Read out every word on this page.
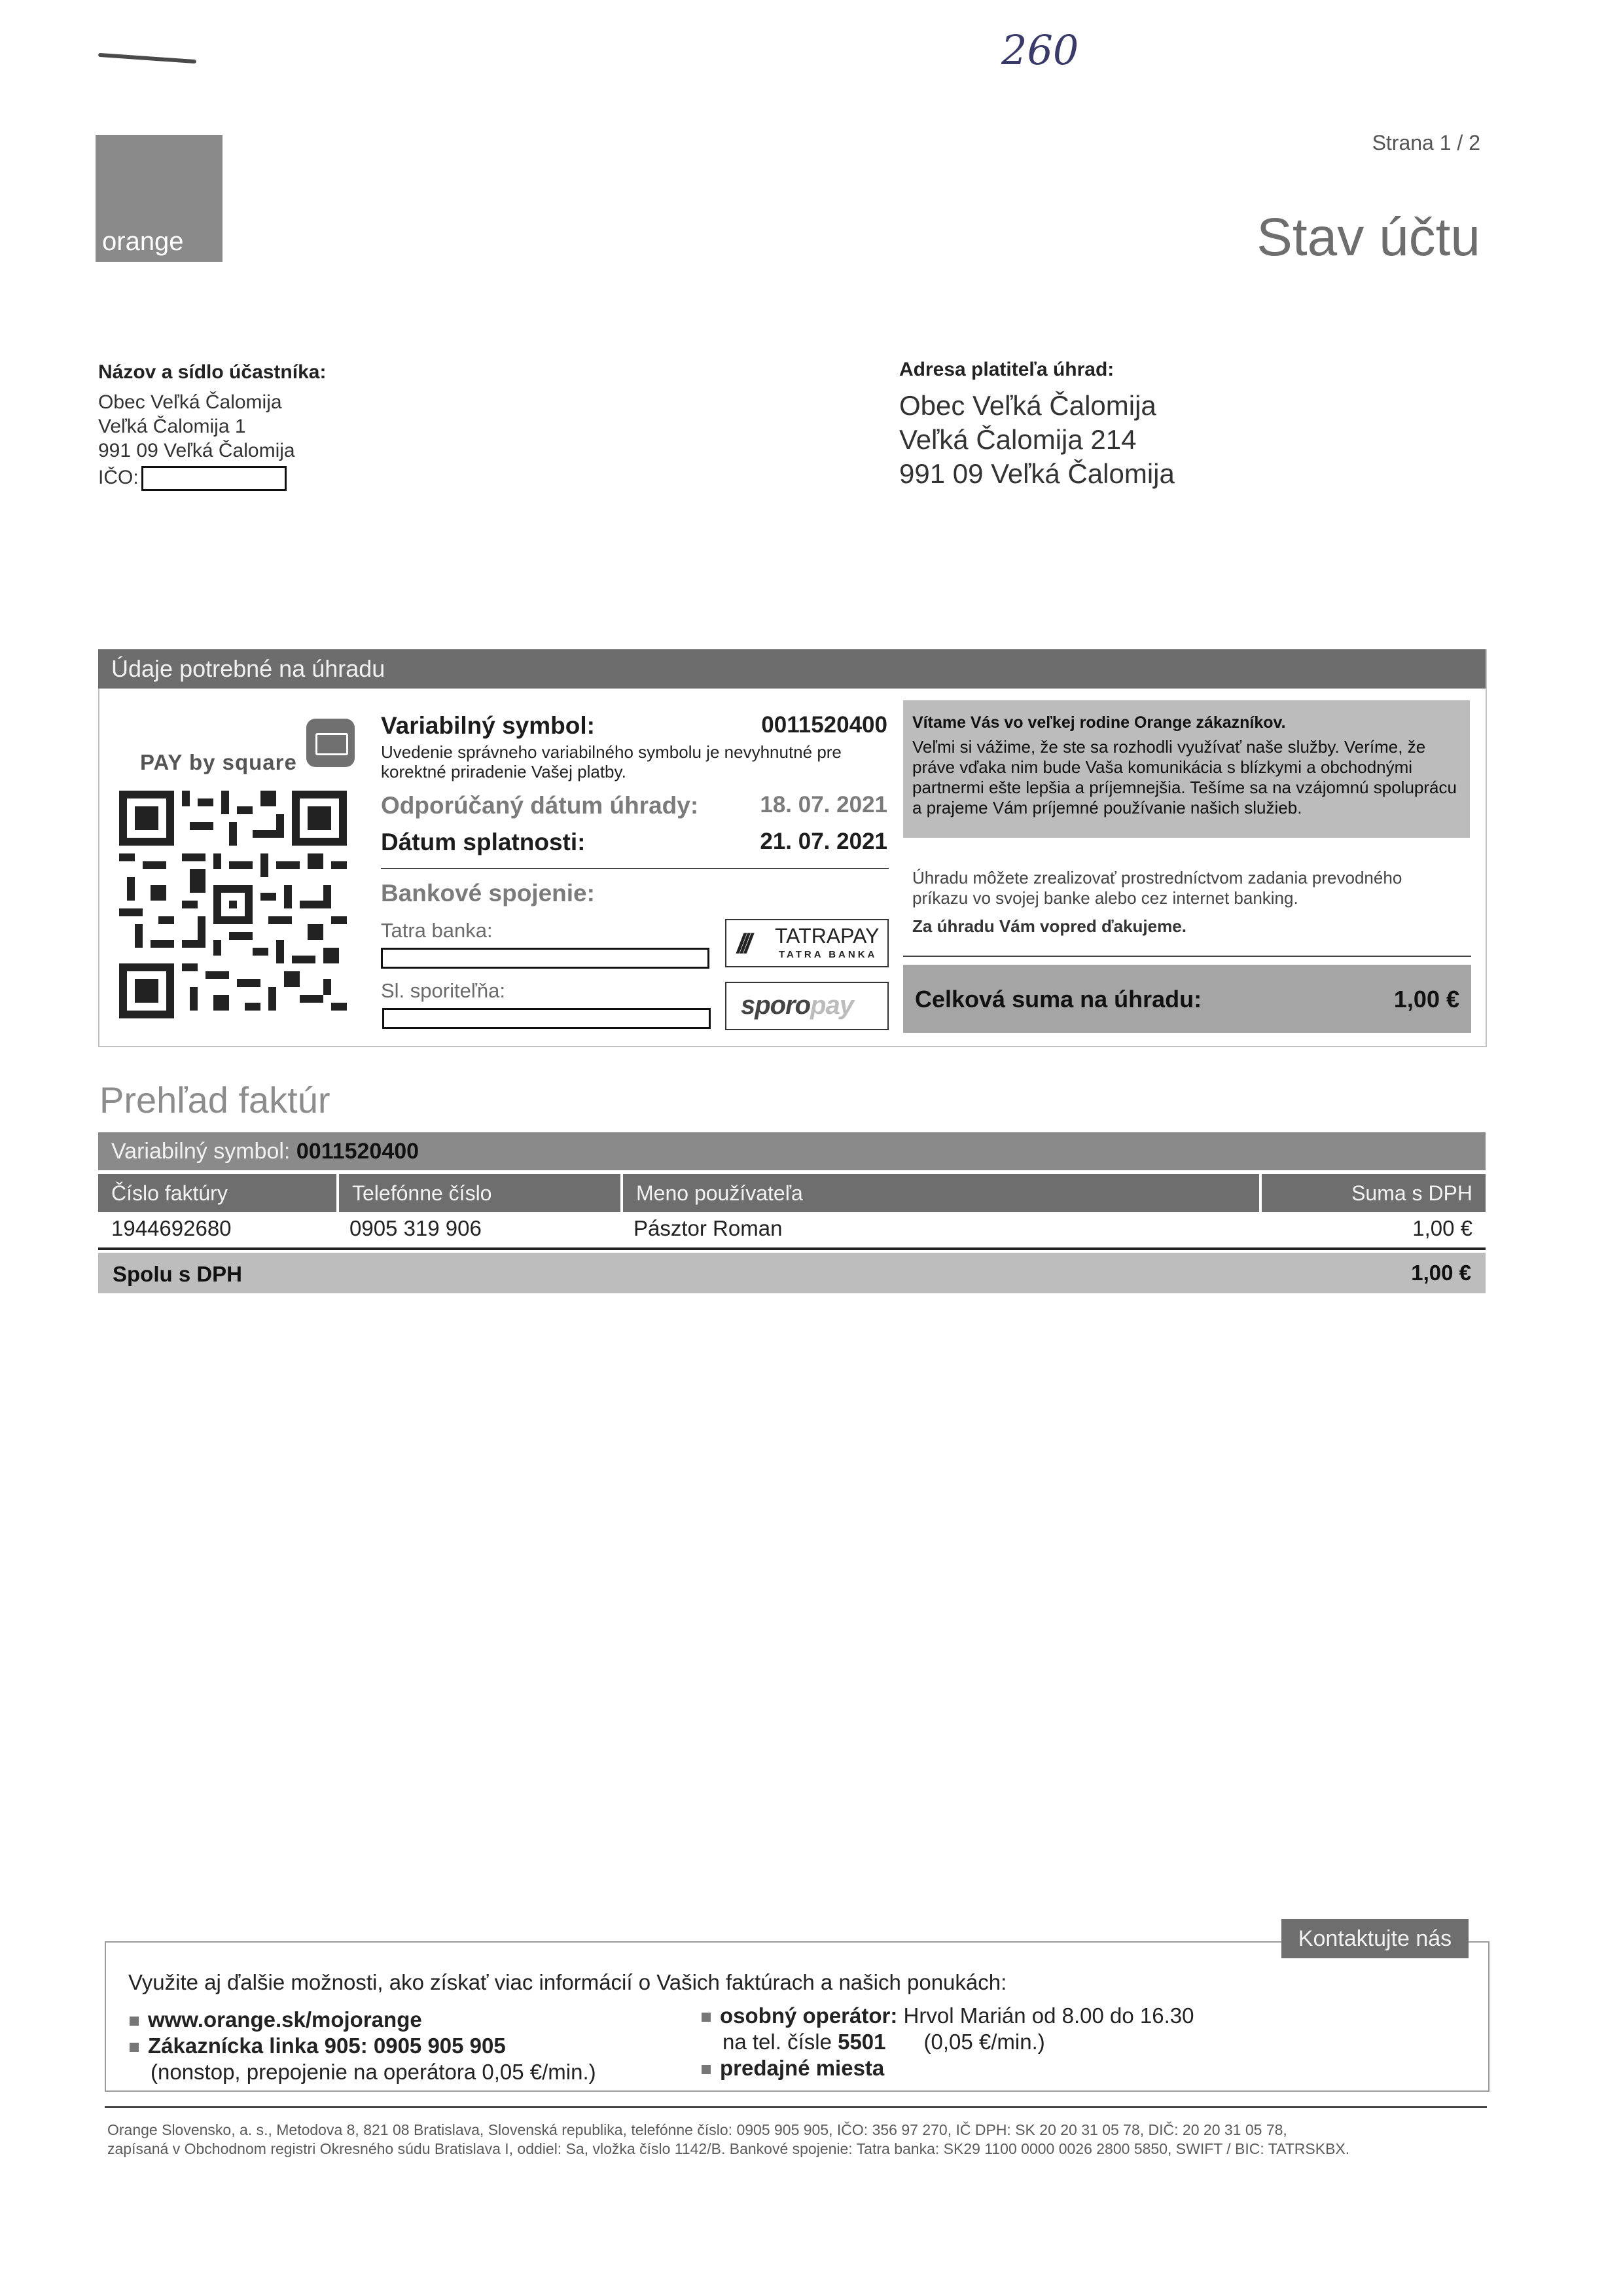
260
Strana 1 / 2
orange	Stav účtu
Názov a sídlo účastníka:
Obec Veľká Čalomija
Veľká Čalomija 1
991 09 Veľká Čalomija
IČO:
Adresa platiteľa úhrad:
Obec Veľká Čalomija
Veľká Čalomija 214
991 09 Veľká Čalomija
Údaje potrebné na úhradu
PAY by square
Variabilný symbol:	0011520400
Uvedenie správneho variabilného symbolu je nevyhnutné pre korektné priradenie Vašej platby.
Odporúčaný dátum úhrady:	18. 07. 2021
Dátum splatnosti:	21. 07. 2021
Bankové spojenie:
Tatra banka:	/// TATRAPAY
TATRA BANKA
Sl. sporiteľňa:
sporopay
Vítame Vás vo veľkej rodine Orange zákazníkov.
Veľmi si vážime, že ste sa rozhodli využívať naše služby. Veríme, že práve vďaka nim bude Vaša komunikácia s blízkymi a obchodnými partnermi ešte lepšia a príjemnejšia. Tešíme sa na vzájomnú spoluprácu a prajeme Vám príjemné používanie našich služieb.
Úhradu môžete zrealizovať prostredníctvom zadania prevodného príkazu vo svojej banke alebo cez internet banking.
Za úhradu Vám vopred ďakujeme.
Celková suma na úhradu:	1,00 €
Prehľad faktúr
Variabilný symbol: 0011520400
Číslo faktúry	Telefónne číslo	Meno používateľa	Suma s DPH
1944692680	0905 319 906	Pásztor Roman	1,00 €
Spolu s DPH	1,00 €
Kontaktujte nás
Využite aj ďalšie možnosti, ako získať viac informácií o Vašich faktúrach a našich ponukách:
www.orange.sk/mojorange
Zákaznícka linka 905: 0905 905 905
(nonstop, prepojenie na operátora 0,05 €/min.)
osobný operátor: Hrvol Marián od 8.00 do 16.30
na tel. čísle 5501 (0,05 €/min.)
predajné miesta
Orange Slovensko, a. s., Metodova 8, 821 08 Bratislava, Slovenská republika, telefónne číslo: 0905 905 905, IČO: 356 97 270, IČ DPH: SK 20 20 31 05 78, DIČ: 20 20 31 05 78,
zapísaná v Obchodnom registri Okresného súdu Bratislava I, oddiel: Sa, vložka číslo 1142/B. Bankové spojenie: Tatra banka: SK29 1100 0000 0026 2800 5850, SWIFT / BIC: TATRSKBX.
